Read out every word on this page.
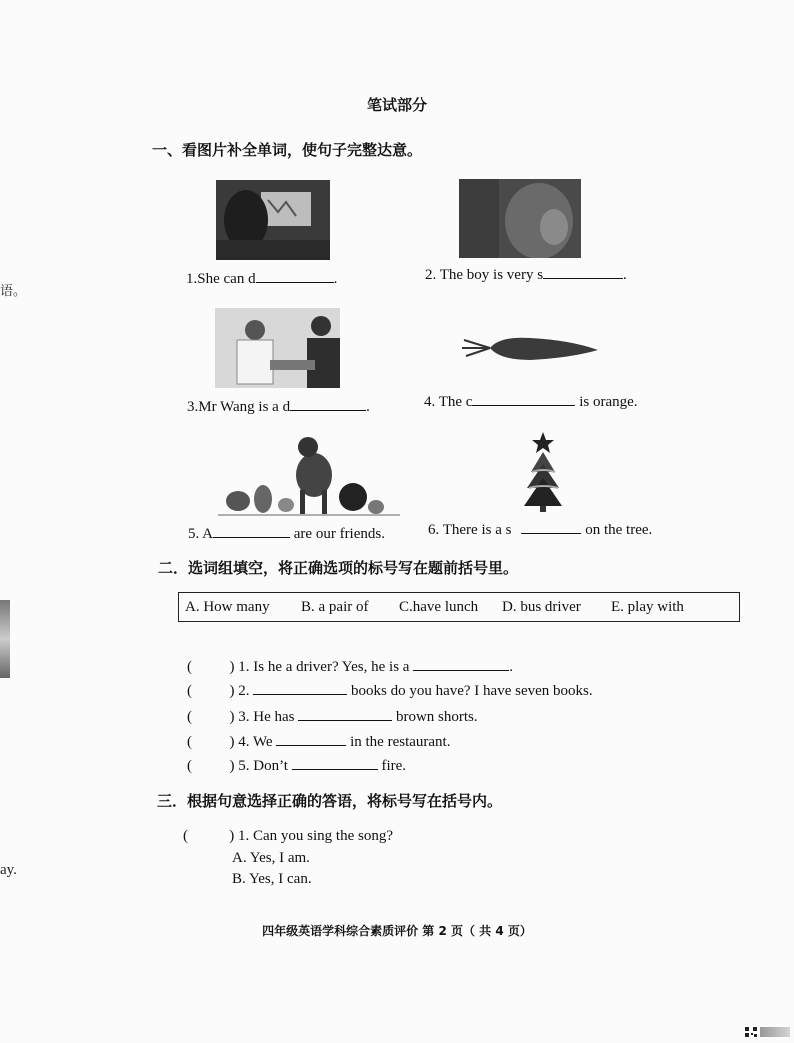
语。
ay.
笔试部分
一、看图片补全单词，使句子完整达意。
1.She can d	.	2. The boy is very s	.
3.Mr Wang is a d	.	4. The c	is orange.
5. A	are our friends.	6. There is a s	on the tree.
二．选词组填空，将正确选项的标号写在题前括号里。
A. How many B. a pair of C.have lunch D. bus driver E. play with
(          ) 1. Is he a driver? Yes, he is a	.
(          ) 2.	books do you have? I have seven books.
(          ) 3. He has	brown shorts.
(          ) 4. We	in the restaurant.
(          ) 5. Don’t	fire.
三．根据句意选择正确的答语，将标号写在括号内。
(           ) 1. Can you sing the song?
A. Yes, I am.
B. Yes, I can.
四年级英语学科综合素质评价 第 2 页（ 共 4 页）
